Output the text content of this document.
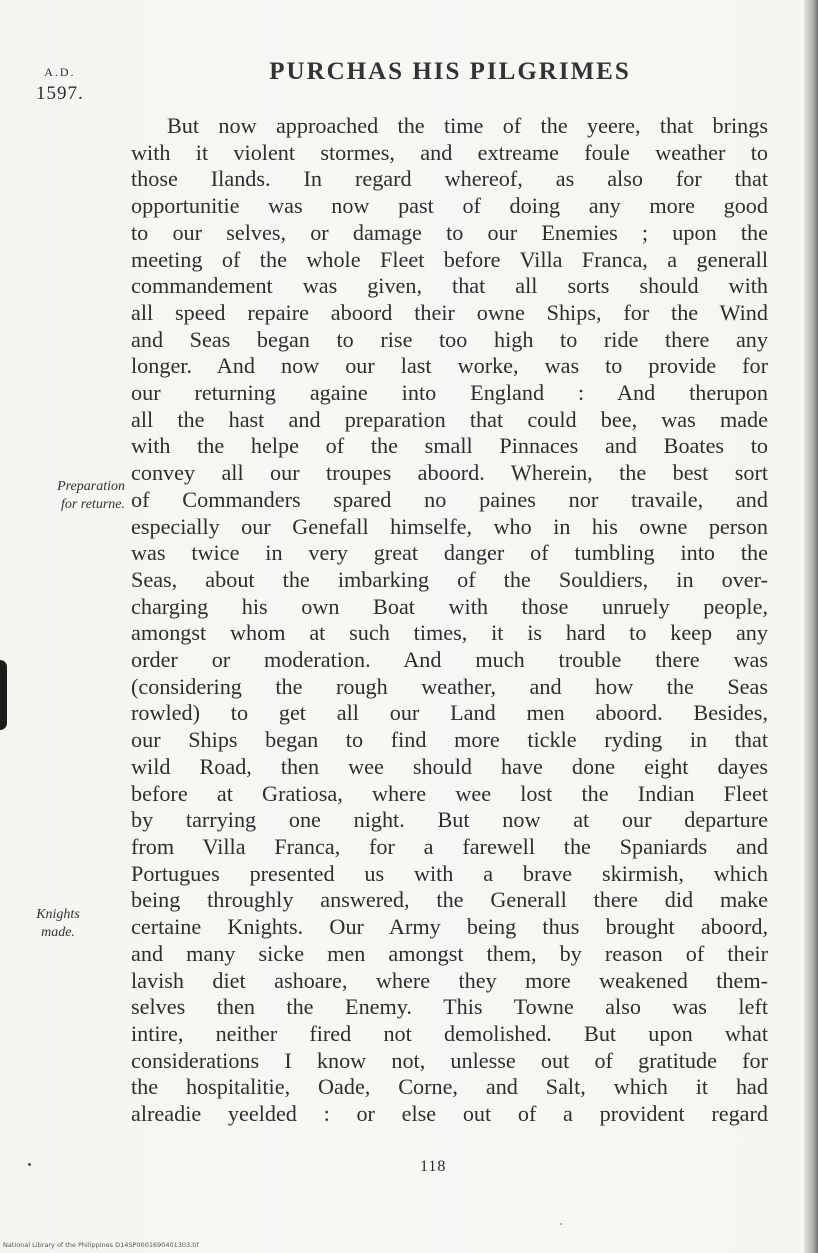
A.D.
1597.
PURCHAS HIS PILGRIMES
But now approached the time of the yeere, that brings
with it violent stormes, and extreame foule weather to
those Ilands. In regard whereof, as also for that
opportunitie was now past of doing any more good
to our selves, or damage to our Enemies ; upon the
meeting of the whole Fleet before Villa Franca, a generall
commandement was given, that all sorts should with
all speed repaire aboord their owne Ships, for the Wind
and Seas began to rise too high to ride there any
longer. And now our last worke, was to provide for
our returning againe into England : And therupon
all the hast and preparation that could bee, was made
with the helpe of the small Pinnaces and Boates to
convey all our troupes aboord. Wherein, the best sort
of Commanders spared no paines nor travaile, and
especially our Genefall himselfe, who in his owne person
was twice in very great danger of tumbling into the
Seas, about the imbarking of the Souldiers, in over-
charging his own Boat with those unruely people,
amongst whom at such times, it is hard to keep any
order or moderation. And much trouble there was
(considering the rough weather, and how the Seas
rowled) to get all our Land men aboord. Besides,
our Ships began to find more tickle ryding in that
wild Road, then wee should have done eight dayes
before at Gratiosa, where wee lost the Indian Fleet
by tarrying one night. But now at our departure
from Villa Franca, for a farewell the Spaniards and
Portugues presented us with a brave skirmish, which
being throughly answered, the Generall there did make
certaine Knights. Our Army being thus brought aboord,
and many sicke men amongst them, by reason of their
lavish diet ashoare, where they more weakened them-
selves then the Enemy. This Towne also was left
intire, neither fired not demolished. But upon what
considerations I know not, unlesse out of gratitude for
the hospitalitie, Oade, Corne, and Salt, which it had
alreadie yeelded : or else out of a provident regard
Preparation
for returne.
Knights
made.
118
National Library of the Philippines D14SP0001690401303.tif
